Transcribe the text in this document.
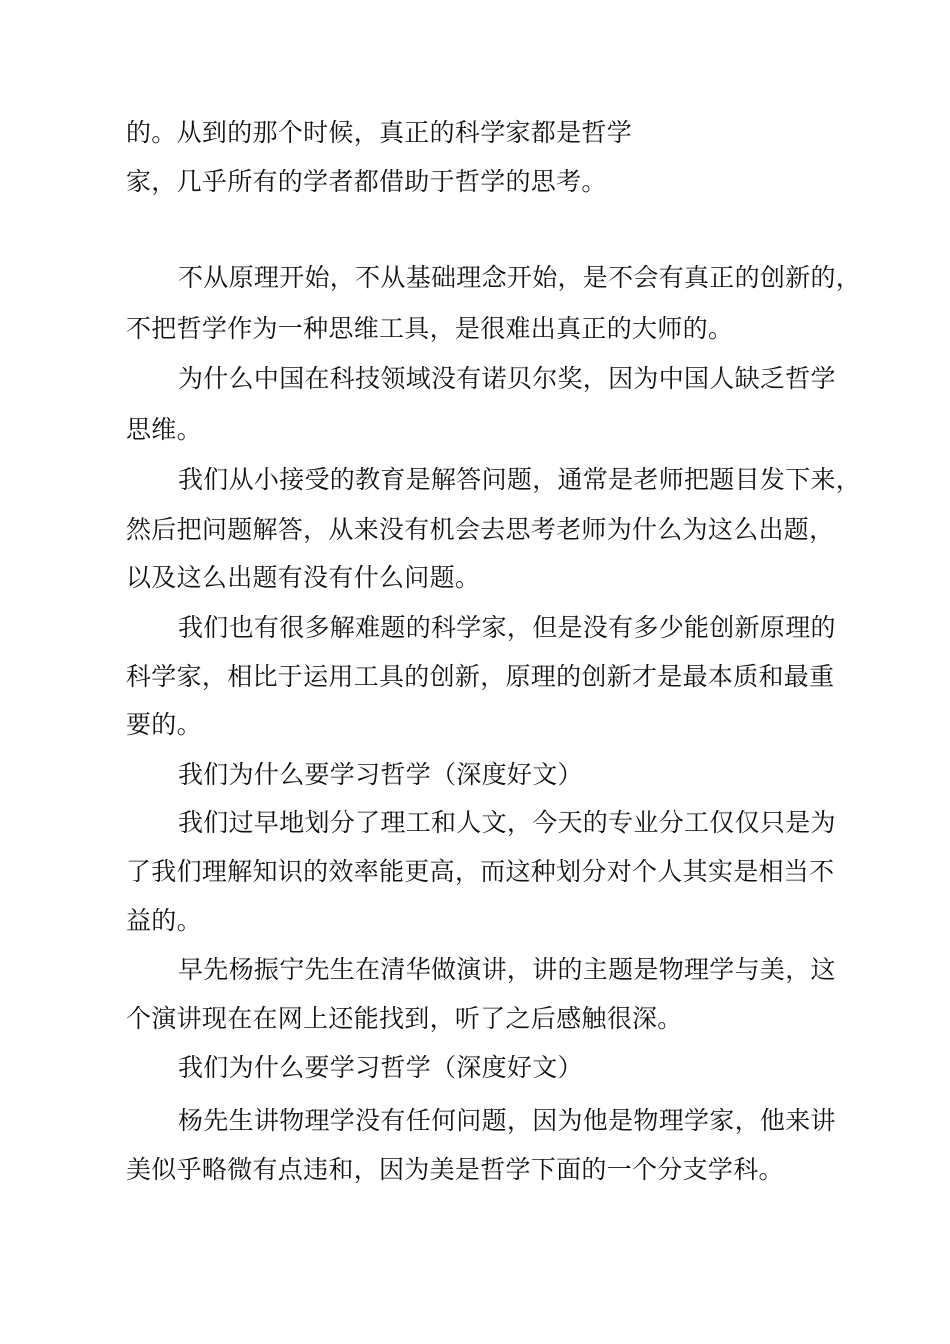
的。从到的那个时候，真正的科学家都是哲学
家，几乎所有的学者都借助于哲学的思考。
不从原理开始，不从基础理念开始，是不会有真正的创新的，
不把哲学作为一种思维工具，是很难出真正的大师的。
为什么中国在科技领域没有诺贝尔奖，因为中国人缺乏哲学
思维。
我们从小接受的教育是解答问题，通常是老师把题目发下来，
然后把问题解答，从来没有机会去思考老师为什么为这么出题，
以及这么出题有没有什么问题。
我们也有很多解难题的科学家，但是没有多少能创新原理的
科学家，相比于运用工具的创新，原理的创新才是最本质和最重
要的。
我们为什么要学习哲学（深度好文）
我们过早地划分了理工和人文，今天的专业分工仅仅只是为
了我们理解知识的效率能更高，而这种划分对个人其实是相当不
益的。
早先杨振宁先生在清华做演讲，讲的主题是物理学与美，这
个演讲现在在网上还能找到，听了之后感触很深。
我们为什么要学习哲学（深度好文）
杨先生讲物理学没有任何问题，因为他是物理学家，他来讲
美似乎略微有点违和，因为美是哲学下面的一个分支学科。
